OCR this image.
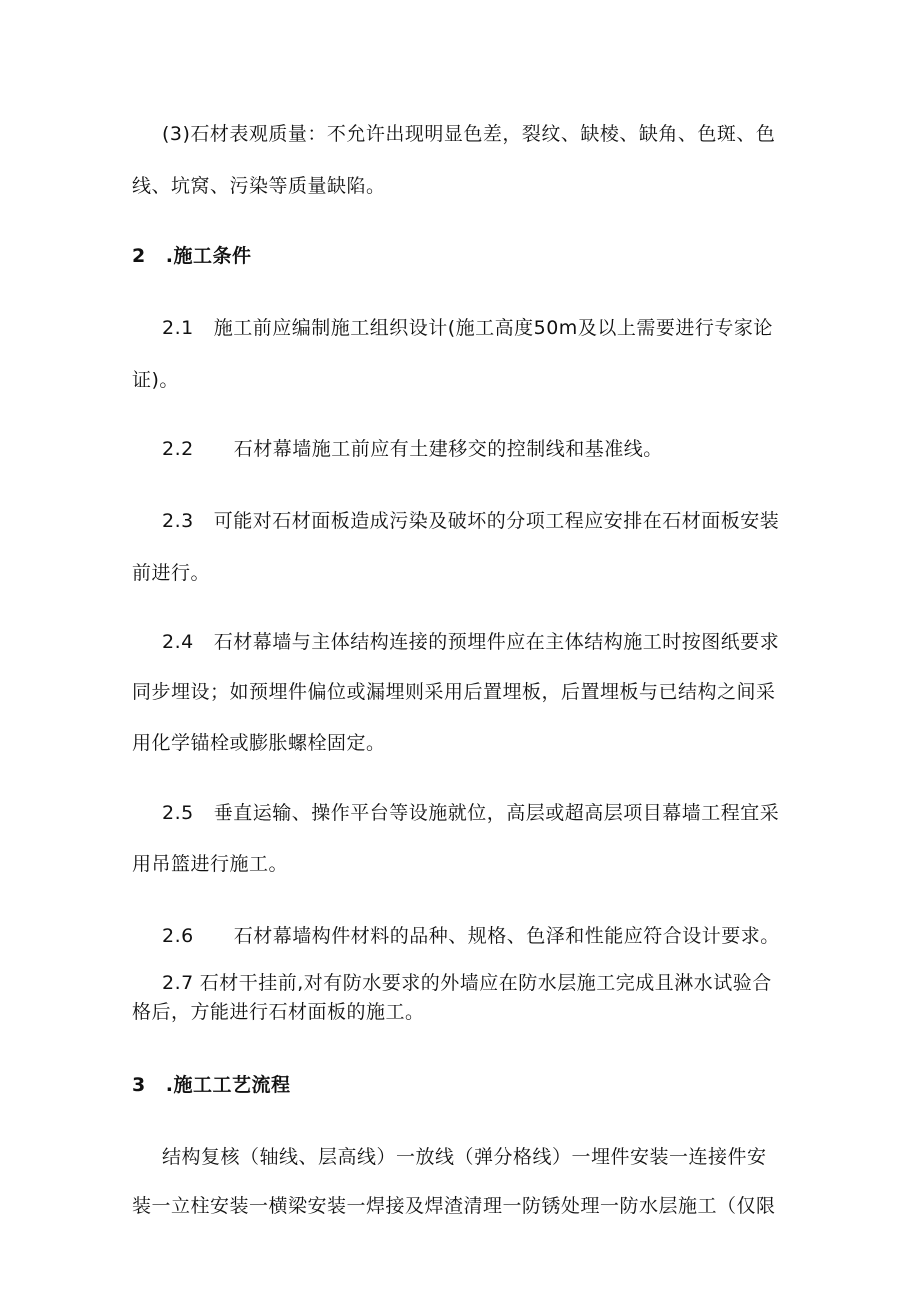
(3)石材表观质量：不允许出现明显色差，裂纹、缺棱、缺角、色斑、色
线、坑窝、污染等质量缺陷。
2 .施工条件
2.1 施工前应编制施工组织设计(施工高度50m及以上需要进行专家论
证)。
2.2 石材幕墙施工前应有土建移交的控制线和基准线。
2.3 可能对石材面板造成污染及破坏的分项工程应安排在石材面板安装
前进行。
2.4 石材幕墙与主体结构连接的预埋件应在主体结构施工时按图纸要求
同步埋设；如预埋件偏位或漏埋则采用后置埋板，后置埋板与已结构之间采
用化学锚栓或膨胀螺栓固定。
2.5 垂直运输、操作平台等设施就位，高层或超高层项目幕墙工程宜采
用吊篮进行施工。
2.6 石材幕墙构件材料的品种、规格、色泽和性能应符合设计要求。
2.7 石材干挂前,对有防水要求的外墙应在防水层施工完成且淋水试验合
格后，方能进行石材面板的施工。
3 .施工工艺流程
结构复核（轴线、层高线）一放线（弹分格线）一埋件安装一连接件安
装一立柱安装一横梁安装一焊接及焊渣清理一防锈处理一防水层施工（仅限
